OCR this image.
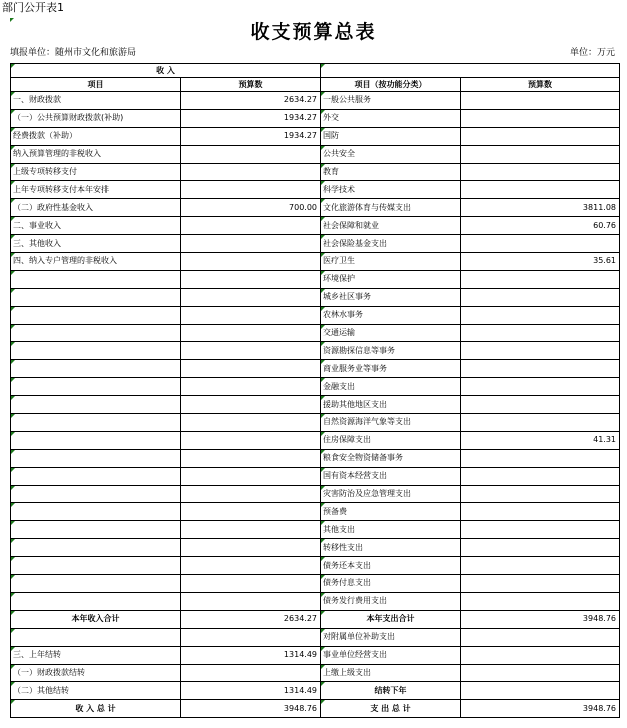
部门公开表1
收支预算总表
填报单位：随州市文化和旅游局	单位：万元
收 入			
项目	预算数	项目（按功能分类）	预算数
一、财政拨款	2634.27	一般公共服务	
（一）公共预算财政拨款(补助)	1934.27	外交	
经费拨款（补助）	1934.27	国防	
纳入预算管理的非税收入		公共安全	
上级专项转移支付		教育	
上年专项转移支付本年安排		科学技术	
（二）政府性基金收入	700.00	文化旅游体育与传媒支出	3811.08
二、事业收入		社会保障和就业	60.76
三、其他收入		社会保险基金支出	
四、纳入专户管理的非税收入		医疗卫生	35.61
		环境保护	
		城乡社区事务	
		农林水事务	
		交通运输	
		资源勘探信息等事务	
		商业服务业等事务	
		金融支出	
		援助其他地区支出	
		自然资源海洋气象等支出	
		住房保障支出	41.31
		粮食安全物资储备事务	
		国有资本经营支出	
		灾害防治及应急管理支出	
		预备费	
		其他支出	
		转移性支出	
		债务还本支出	
		债务付息支出	
		债务发行费用支出	
本年收入合计	2634.27	本年支出合计	3948.76
		对附属单位补助支出	
三、上年结转	1314.49	事业单位经营支出	
（一）财政拨款结转		上缴上级支出	
（二）其他结转	1314.49	结转下年	
收 入 总 计	3948.76	支 出 总 计	3948.76
